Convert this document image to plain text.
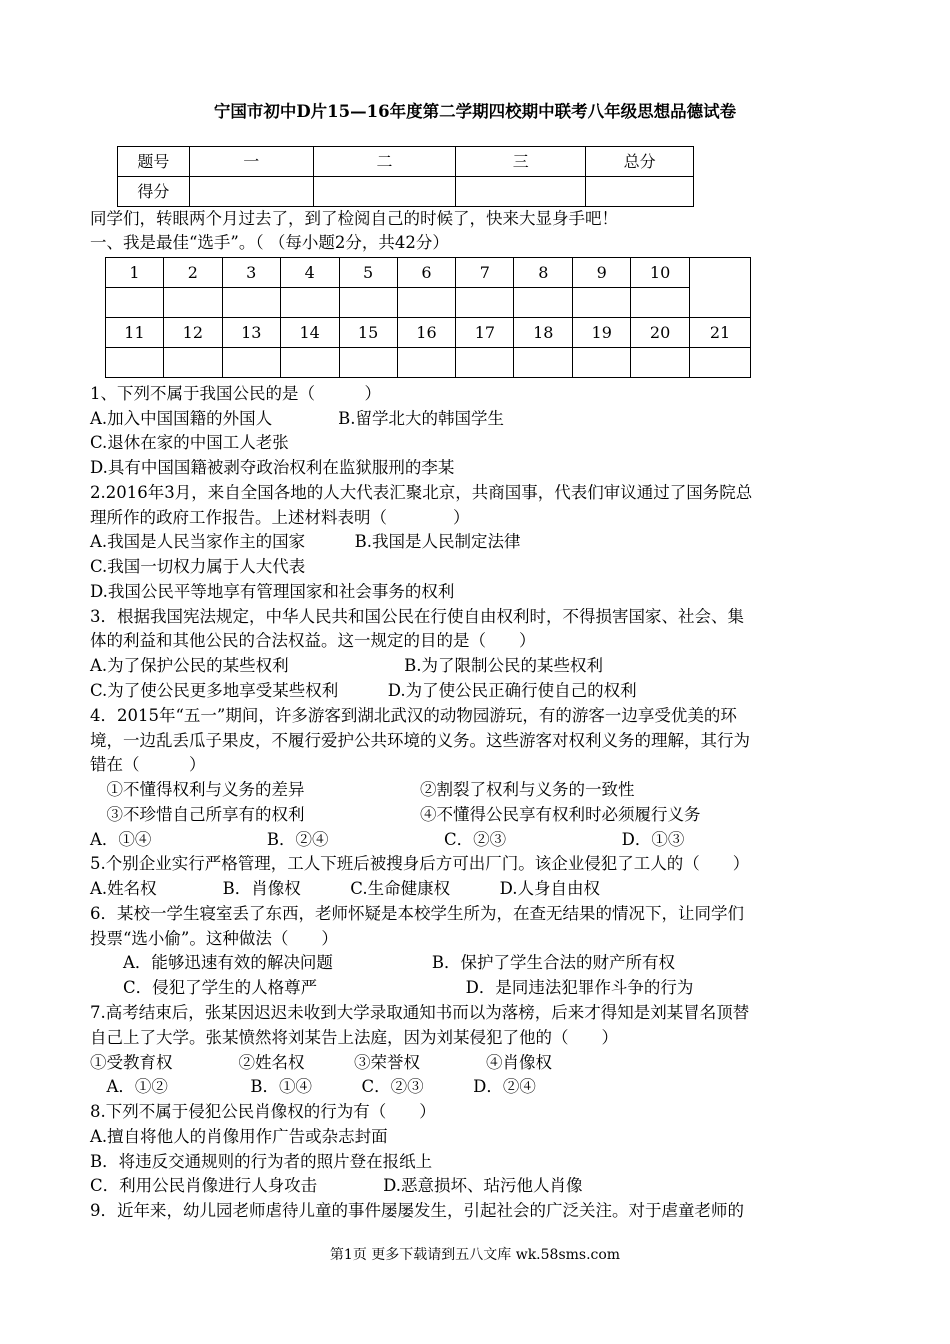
宁国市初中D片15—16年度第二学期四校期中联考八年级思想品德试卷
题号	一	二	三	总分
得分				
同学们，转眼两个月过去了，到了检阅自己的时候了，快来大显身手吧！
一、我是最佳“选手”。（ （每小题2分，共42分）
1	2	3	4	5	6	7	8	9	10	

11	12	13	14	15	16	17	18	19	20	21

1、下列不属于我国公民的是（　　　）
A.加入中国国籍的外国人　　　　B.留学北大的韩国学生
C.退休在家的中国工人老张
D.具有中国国籍被剥夺政治权利在监狱服刑的李某
2.2016年3月，来自全国各地的人大代表汇聚北京，共商国事，代表们审议通过了国务院总
理所作的政府工作报告。上述材料表明（　　　　）
A.我国是人民当家作主的国家　　　B.我国是人民制定法律
C.我国一切权力属于人大代表
D.我国公民平等地享有管理国家和社会事务的权利
3．根据我国宪法规定，中华人民共和国公民在行使自由权利时，不得损害国家、社会、集
体的利益和其他公民的合法权益。这一规定的目的是（　　）
A.为了保护公民的某些权利　　　　　　　B.为了限制公民的某些权利
C.为了使公民更多地享受某些权利　　　D.为了使公民正确行使自己的权利
4．2015年“五一”期间，许多游客到湖北武汉的动物园游玩，有的游客一边享受优美的环
境，一边乱丢瓜子果皮，不履行爱护公共环境的义务。这些游客对权利义务的理解，其行为
错在（　　　）
　①不懂得权利与义务的差异　　　　　　　②割裂了权利与义务的一致性
　③不珍惜自己所享有的权利　　　　　　　④不懂得公民享有权利时必须履行义务
A．①④　　　　　　　B．②④　　　　　　　C．②③　　　　　　　D．①③
5.个别企业实行严格管理，工人下班后被搜身后方可出厂门。该企业侵犯了工人的（　　）
A.姓名权　　　　B．肖像权　　　C.生命健康权　　　D.人身自由权
6．某校一学生寝室丢了东西，老师怀疑是本校学生所为，在查无结果的情况下，让同学们
投票“选小偷”。这种做法（　　）
　　A．能够迅速有效的解决问题　　　　　　B．保护了学生合法的财产所有权
　　C．侵犯了学生的人格尊严　　　　　　　　　D．是同违法犯罪作斗争的行为
7.高考结束后，张某因迟迟未收到大学录取通知书而以为落榜，后来才得知是刘某冒名顶替
自己上了大学。张某愤然将刘某告上法庭，因为刘某侵犯了他的（　　）
①受教育权　　　　②姓名权　　　③荣誉权　　　　④肖像权
　A．①②　　　　　B．①④　　　C．②③　　　D．②④
8.下列不属于侵犯公民肖像权的行为有（　　）
A.擅自将他人的肖像用作广告或杂志封面
B．将违反交通规则的行为者的照片登在报纸上
C．利用公民肖像进行人身攻击　　　　D.恶意损坏、玷污他人肖像
9．近年来，幼儿园老师虐待儿童的事件屡屡发生，引起社会的广泛关注。对于虐童老师的
第1页 更多下载请到五八文库 wk.58sms.com
